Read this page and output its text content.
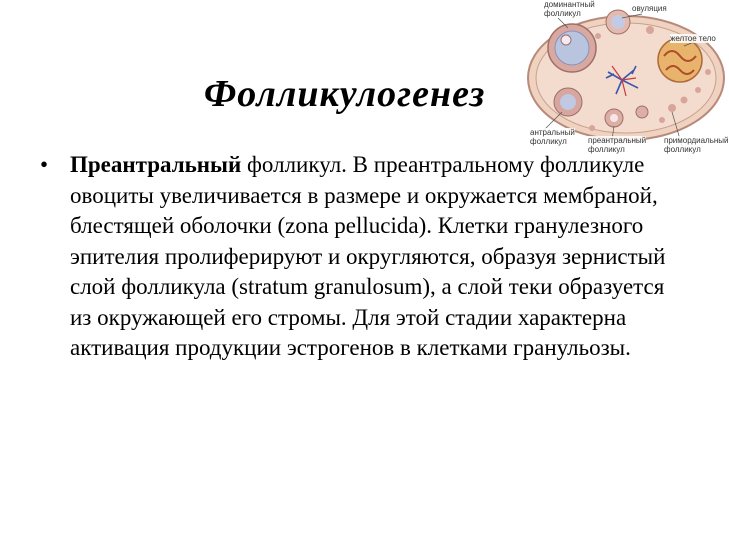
Фолликулогенез
доминантный
фолликул
овуляция
желтое тело
антральный
фолликул	преантральный
фолликул
примордиальный
фолликул
• Преантральный фолликул. В преантральному фолликуле овоциты увеличивается в размере и окружается мембраной, блестящей оболочки (zona pellucida). Клетки гранулезного эпителия пролиферируют и округляются, образуя зернистый слой фолликула (stratum granulosum), а слой теки образуется из окружающей его стромы. Для этой стадии характерна активация продукции эстрогенов в клетками гранульозы.
